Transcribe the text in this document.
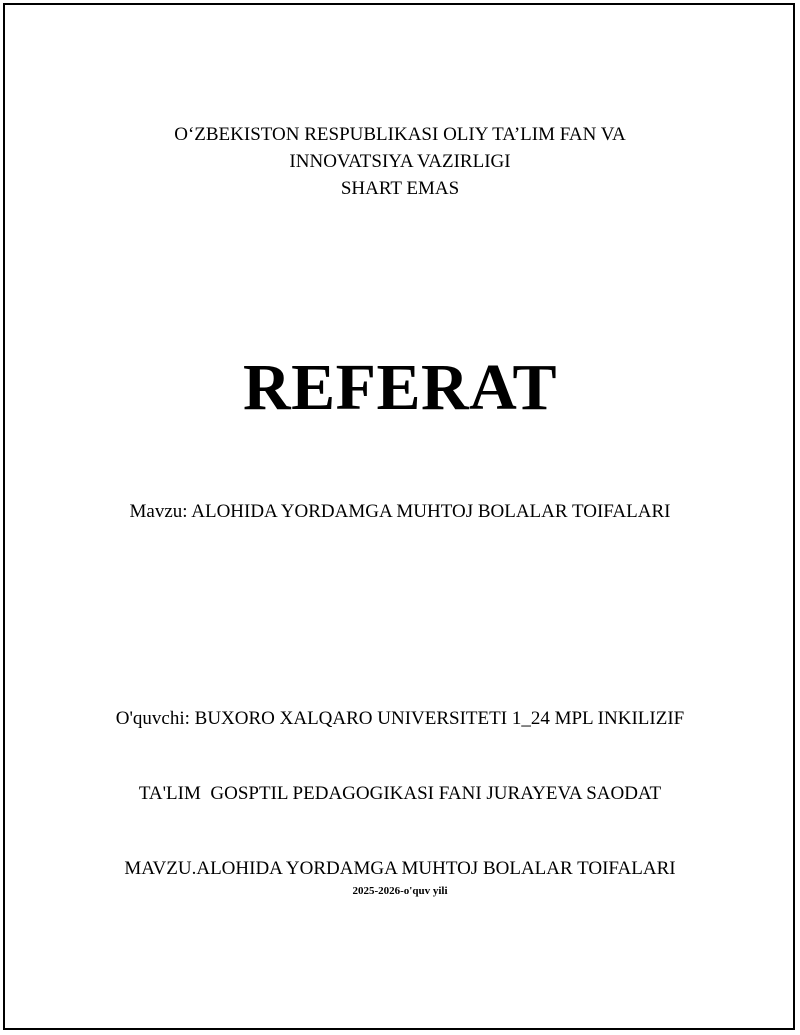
O‘ZBEKISTON RESPUBLIKASI OLIY TA’LIM FAN VA
INNOVATSIYA VAZIRLIGI
SHART EMAS
REFERAT
Mavzu: ALOHIDA YORDAMGA MUHTOJ BOLALAR TOIFALARI

O'quvchi: BUXORO XALQARO UNIVERSITETI 1_24 MPL INKILIZIF

TA'LIM  GOSPTIL PEDAGOGIKASI FANI JURAYEVA SAODAT

MAVZU.ALOHIDA YORDAMGA MUHTOJ BOLALAR TOIFALARI

2025-2026-o'quv yili
